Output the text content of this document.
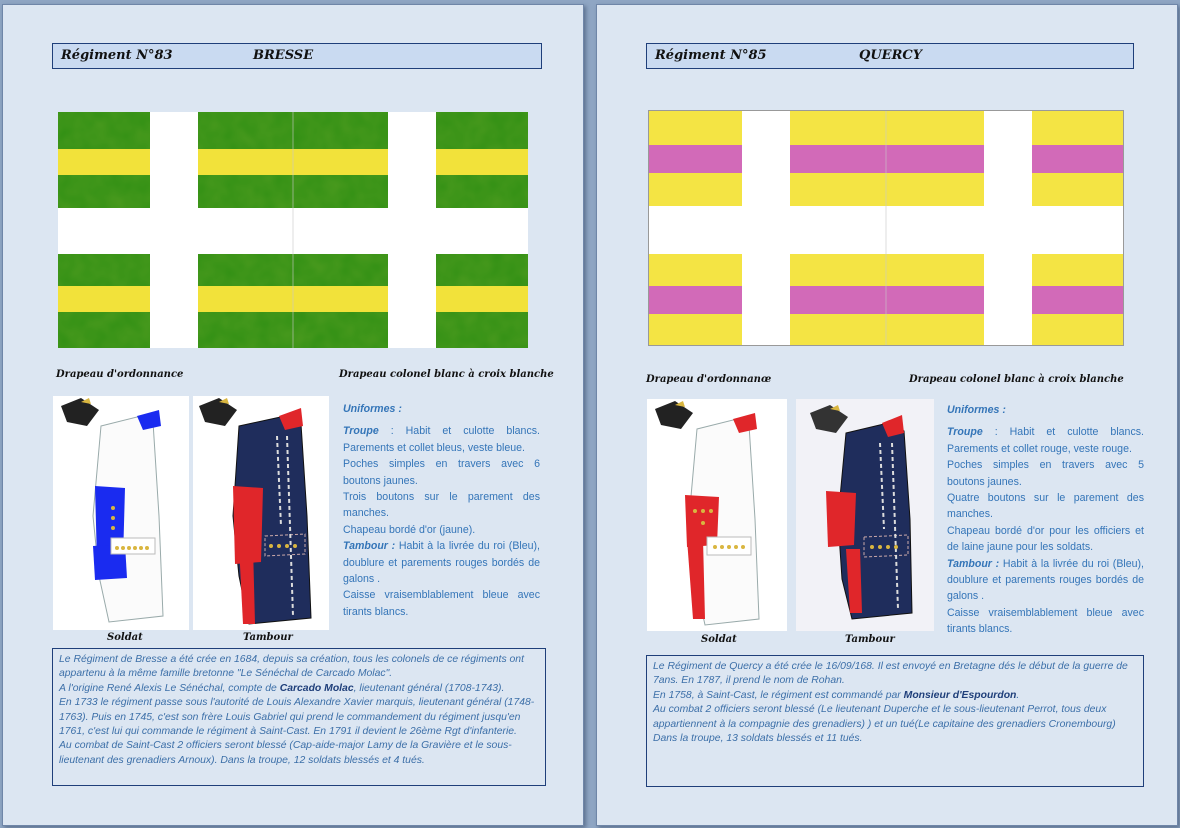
Régiment N°83	BRESSE
Drapeau d'ordonnance	Drapeau colonel blanc à croix blanche
Soldat	Tambour
Uniformes :

Troupe : Habit et culotte blancs. Parements et collet bleus, veste bleue.

Poches simples en travers avec 6 boutons jaunes.

Trois boutons sur le parement des manches.

Chapeau bordé d'or (jaune).

Tambour : Habit à la livrée du roi (Bleu), doublure et parements rouges bordés de galons .

Caisse vraisemblablement bleue avec tirants blancs.

Le Régiment de Bresse a été crée en 1684, depuis sa création, tous les colonels de ce régiments ont appartenu à la même famille bretonne "Le Sénéchal de Carcado Molac".

A l'origine René Alexis Le Sénéchal, compte de Carcado Molac, lieutenant général (1708-1743).

En 1733 le régiment passe sous l'autorité de Louis Alexandre Xavier marquis, lieutenant général (1748-1763). Puis en 1745, c'est son frère Louis Gabriel qui prend le commandement du régiment jusqu'en 1761, c'est lui qui commande le régiment à Saint-Cast. En 1791 il devient le 26ème Rgt d'infanterie.

Au combat de Saint-Cast 2 officiers seront blessé (Cap-aide-major Lamy de la Gravière et le sous-lieutenant des grenadiers Arnoux). Dans la troupe, 12 soldats blessés et 4 tués.

Régiment N°85	QUERCY
Drapeau d'ordonnanœ	Drapeau colonel blanc à croix blanche
Soldat	Tambour
Uniformes :

Troupe : Habit et culotte blancs. Parements et collet rouge, veste rouge.

Poches simples en travers avec 5 boutons jaunes.

Quatre boutons sur le parement des manches.

Chapeau bordé d'or pour les officiers et de laine jaune pour les soldats.

Tambour : Habit à la livrée du roi (Bleu), doublure et parements rouges bordés de galons .

Caisse vraisemblablement bleue avec tirants blancs.

Le Régiment de Quercy a été crée le 16/09/168. Il est envoyé en Bretagne dés le début de la guerre de 7ans. En 1787, il prend le nom de Rohan.

En 1758, à Saint-Cast, le régiment est commandé par Monsieur d'Espourdon.

Au combat 2 officiers seront blessé (Le lieutenant Duperche et le sous-lieutenant Perrot, tous deux appartiennent à la compagnie des grenadiers) ) et un tué(Le capitaine des grenadiers Cronembourg)

Dans la troupe, 13 soldats blessés et 11 tués.
